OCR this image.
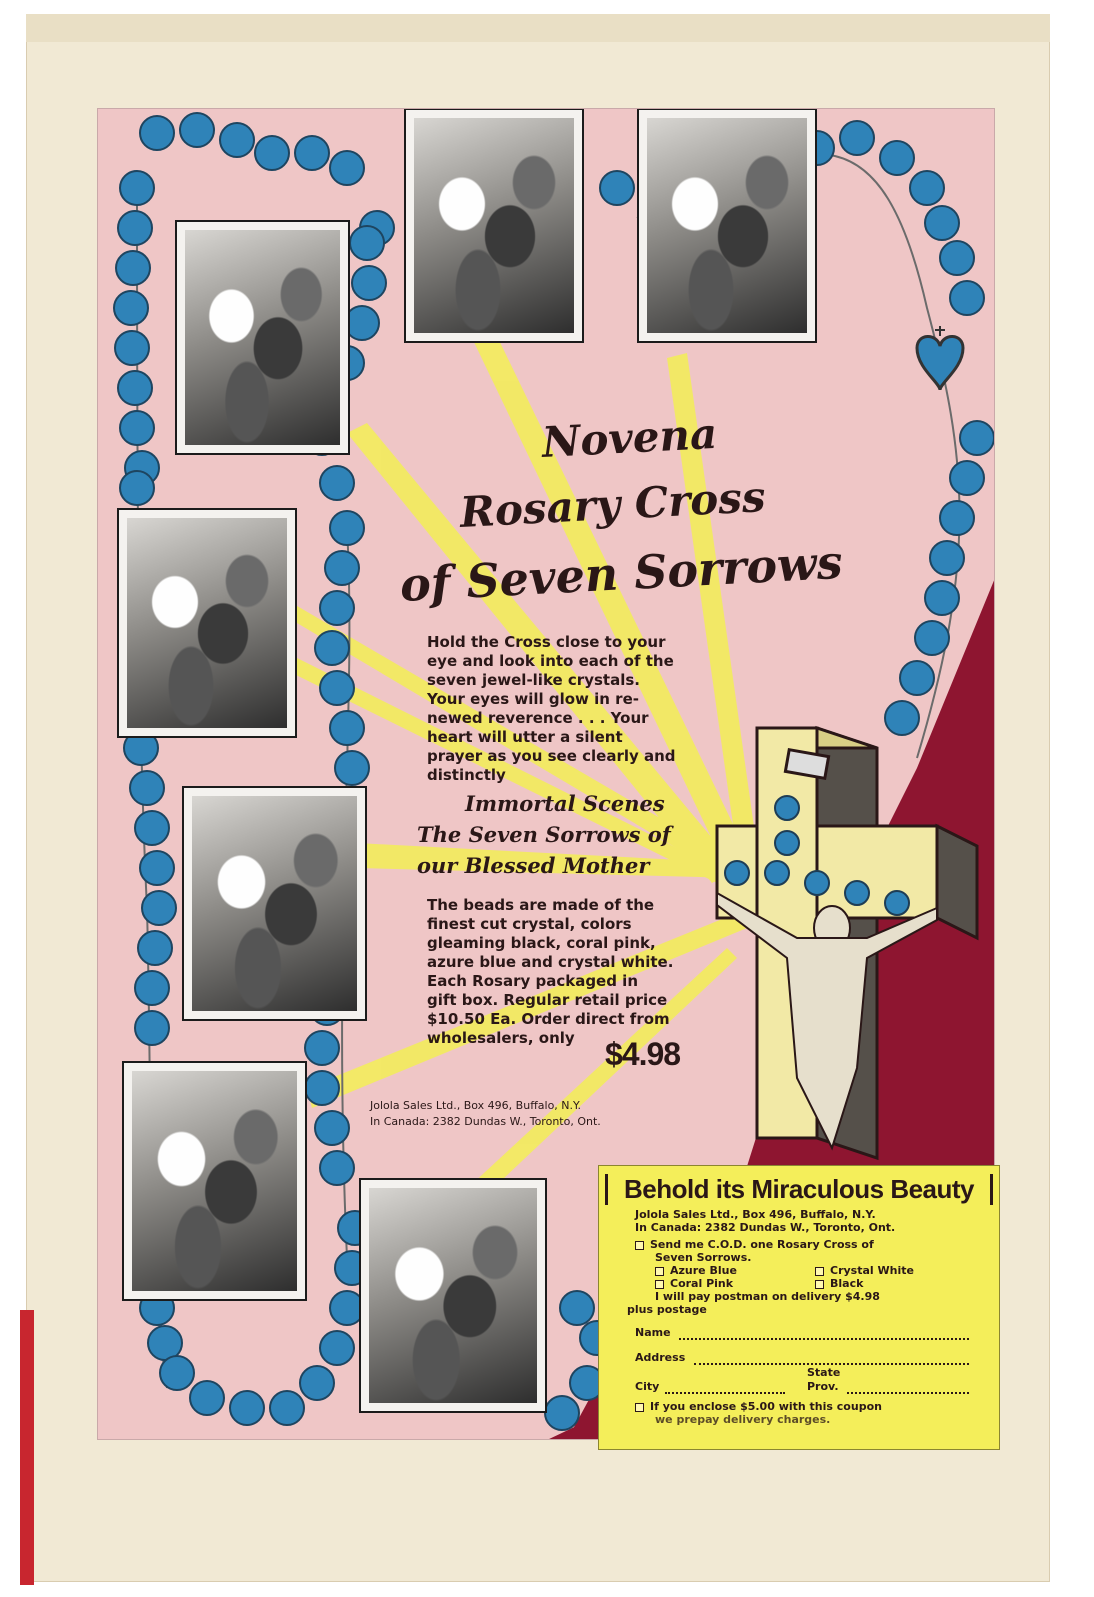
Novena
Rosary Cross
of Seven Sorrows
Hold the Cross close to your
eye and look into each of the
seven jewel-like crystals.
Your eyes will glow in re-
newed reverence . . . Your
heart will utter a silent
prayer as you see clearly and
distinctly
Immortal Scenes
The Seven Sorrows of
our Blessed Mother
The beads are made of the
finest cut crystal, colors
gleaming black, coral pink,
azure blue and crystal white.
Each Rosary packaged in
gift box. Regular retail price
$10.50 Ea. Order direct from
wholesalers, only $4.98
Jolola Sales Ltd., Box 496, Buffalo, N.Y.
In Canada: 2382 Dundas W., Toronto, Ont.
Behold its Miraculous Beauty
Jolola Sales Ltd., Box 496, Buffalo, N.Y.
In Canada: 2382 Dundas W., Toronto, Ont.
Send me C.O.D. one Rosary Cross of
Seven Sorrows.
Azure Blue	Crystal White
Coral Pink	Black
I will pay postman on delivery $4.98
plus postage
Name
Address
State
City	Prov.
If you enclose $5.00 with this coupon
we prepay delivery charges.
